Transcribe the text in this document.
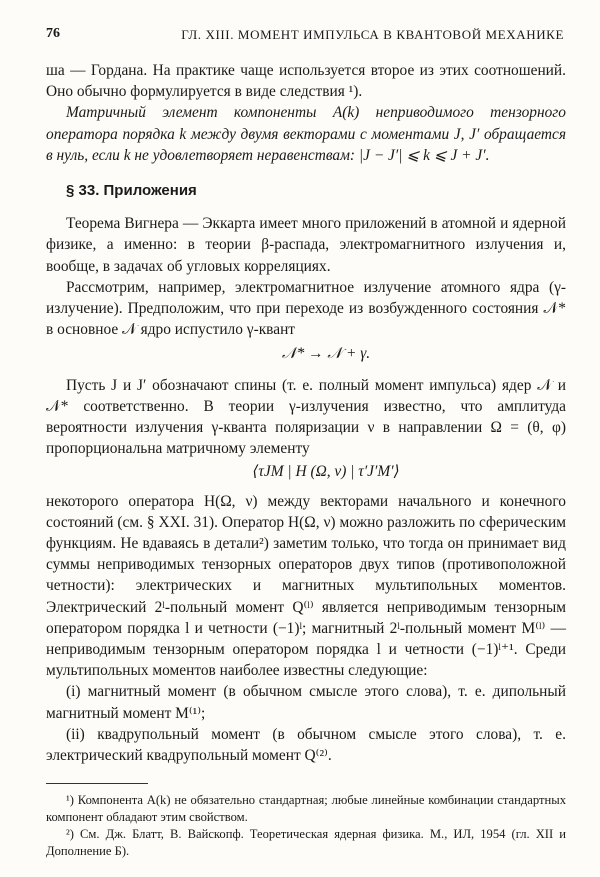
76	ГЛ. XIII. МОМЕНТ ИМПУЛЬСА В КВАНТОВОЙ МЕХАНИКЕ

ша — Гордана. На практике чаще используется второе из этих соотношений. Оно обычно формулируется в виде следствия ¹).

Матричный элемент компоненты A(k) неприводимого тензорного оператора порядка k между двумя векторами с моментами J, J′ обращается в нуль, если k не удовлетворяет неравенствам: |J − J′| ⩽ k ⩽ J + J′.

§ 33. Приложения

Теорема Вигнера — Эккарта имеет много приложений в атомной и ядерной физике, а именно: в теории β-распада, электромагнитного излучения и, вообще, в задачах об угловых корреляциях.

Рассмотрим, например, электромагнитное излучение атомного ядра (γ-излучение). Предположим, что при переходе из возбужденного состояния 𝒩* в основное 𝒩 ядро испустило γ-квант

𝒩* → 𝒩 + γ.

Пусть J и J′ обозначают спины (т. е. полный момент импульса) ядер 𝒩 и 𝒩* соответственно. В теории γ-излучения известно, что амплитуда вероятности излучения γ-кванта поляризации ν в направлении Ω = (θ, φ) пропорциональна матричному элементу

⟨τJM | H (Ω, ν) | τ′J′M′⟩

некоторого оператора H(Ω, ν) между векторами начального и конечного состояний (см. § XXI. 31). Оператор H(Ω, ν) можно разложить по сферическим функциям. Не вдаваясь в детали²) заметим только, что тогда он принимает вид суммы неприводимых тензорных операторов двух типов (противоположной четности): электрических и магнитных мультипольных моментов. Электрический 2ˡ-польный момент Q⁽ˡ⁾ является неприводимым тензорным оператором порядка l и четности (−1)ˡ; магнитный 2ˡ-польный момент M⁽ˡ⁾ — неприводимым тензорным оператором порядка l и четности (−1)ˡ⁺¹. Среди мультипольных моментов наиболее известны следующие:

(i) магнитный момент (в обычном смысле этого слова), т. е. дипольный магнитный момент M⁽¹⁾;

(ii) квадрупольный момент (в обычном смысле этого слова), т. е. электрический квадрупольный момент Q⁽²⁾.

¹) Компонента A(k) не обязательно стандартная; любые линейные комбинации стандартных компонент обладают этим свойством.

²) См. Дж. Блатт, В. Вайскопф. Теоретическая ядерная физика. М., ИЛ, 1954 (гл. XII и Дополнение Б).
